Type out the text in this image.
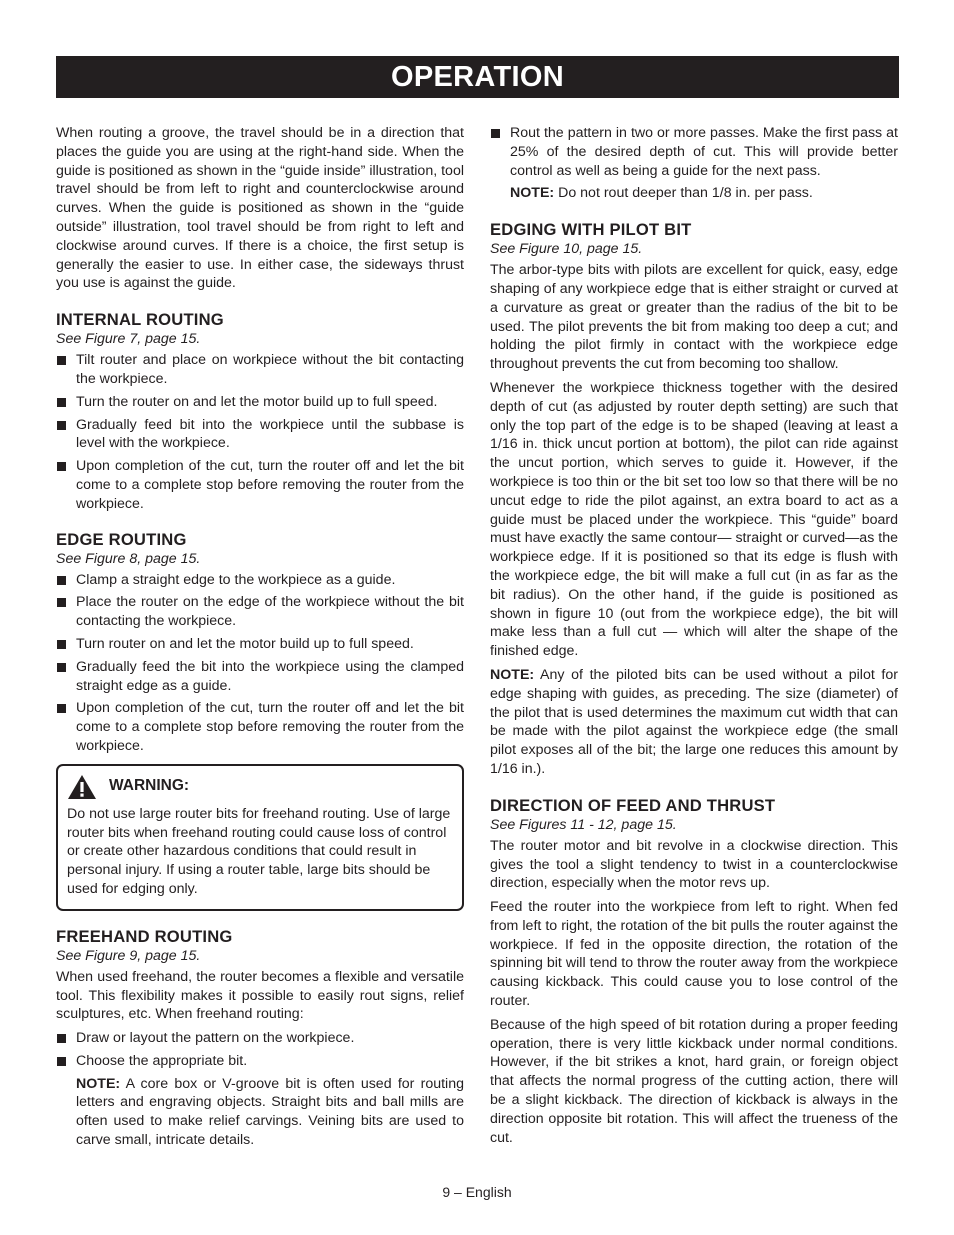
OPERATION

When routing a groove, the travel should be in a direction that places the guide you are using at the right-hand side. When the guide is positioned as shown in the “guide inside” illustration, tool travel should be from left to right and counterclockwise around curves. When the guide is positioned as shown in the “guide outside” illustration, tool travel should be from right to left and clockwise around curves. If there is a choice, the first setup is generally the easier to use. In either case, the sideways thrust you use is against the guide.

INTERNAL ROUTING

See Figure 7, page 15.

Tilt router and place on workpiece without the bit contacting the workpiece.
Turn the router on and let the motor build up to full speed.
Gradually feed bit into the workpiece until the subbase is level with the workpiece.
Upon completion of the cut, turn the router off and let the bit come to a complete stop before removing the router from the workpiece.
EDGE ROUTING

See Figure 8, page 15.

Clamp a straight edge to the workpiece as a guide.
Place the router on the edge of the workpiece without the bit contacting the workpiece.
Turn router on and let the motor build up to full speed.
Gradually feed the bit into the workpiece using the clamped straight edge as a guide.
Upon completion of the cut, turn the router off and let the bit come to a complete stop before removing the router from the workpiece.
WARNING:

Do not use large router bits for freehand routing. Use of large router bits when freehand routing could cause loss of control or create other hazardous conditions that could result in personal injury. If using a router table, large bits should be used for edging only.

FREEHAND ROUTING

See Figure 9, page 15.

When used freehand, the router becomes a flexible and versatile tool. This flexibility makes it possible to easily rout signs, relief sculptures, etc. When freehand routing:

Draw or layout the pattern on the workpiece.
Choose the appropriate bit.

NOTE: A core box or V-groove bit is often used for routing letters and engraving objects. Straight bits and ball mills are often used to make relief carvings. Veining bits are used to carve small, intricate details.

Rout the pattern in two or more passes. Make the first pass at 25% of the desired depth of cut. This will provide better control as well as being a guide for the next pass.

NOTE: Do not rout deeper than 1/8 in. per pass.

EDGING WITH PILOT BIT

See Figure 10, page 15.

The arbor-type bits with pilots are excellent for quick, easy, edge shaping of any workpiece edge that is either straight or curved at a curvature as great or greater than the radius of the bit to be used. The pilot prevents the bit from making too deep a cut; and holding the pilot firmly in contact with the workpiece edge throughout prevents the cut from becoming too shallow.

Whenever the workpiece thickness together with the desired depth of cut (as adjusted by router depth setting) are such that only the top part of the edge is to be shaped (leaving at least a 1/16 in. thick uncut portion at bottom), the pilot can ride against the uncut portion, which serves to guide it. However, if the workpiece is too thin or the bit set too low so that there will be no uncut edge to ride the pilot against, an extra board to act as a guide must be placed under the workpiece. This “guide” board must have exactly the same contour— straight or curved—as the workpiece edge. If it is positioned so that its edge is flush with the workpiece edge, the bit will make a full cut (in as far as the bit radius). On the other hand, if the guide is positioned as shown in figure 10 (out from the workpiece edge), the bit will make less than a full cut — which will alter the shape of the finished edge.

NOTE: Any of the piloted bits can be used without a pilot for edge shaping with guides, as preceding. The size (diameter) of the pilot that is used determines the maximum cut width that can be made with the pilot against the workpiece edge (the small pilot exposes all of the bit; the large one reduces this amount by 1/16 in.).

DIRECTION OF FEED AND THRUST

See Figures 11 - 12, page 15.

The router motor and bit revolve in a clockwise direction. This gives the tool a slight tendency to twist in a counterclockwise direction, especially when the motor revs up.

Feed the router into the workpiece from left to right. When fed from left to right, the rotation of the bit pulls the router against the workpiece. If fed in the opposite direction, the rotation of the spinning bit will tend to throw the router away from the workpiece causing kickback. This could cause you to lose control of the router.

Because of the high speed of bit rotation during a proper feeding operation, there is very little kickback under normal conditions. However, if the bit strikes a knot, hard grain, or foreign object that affects the normal progress of the cutting action, there will be a slight kickback. The direction of kickback is always in the direction opposite bit rotation. This will affect the trueness of the cut.

9 – English
